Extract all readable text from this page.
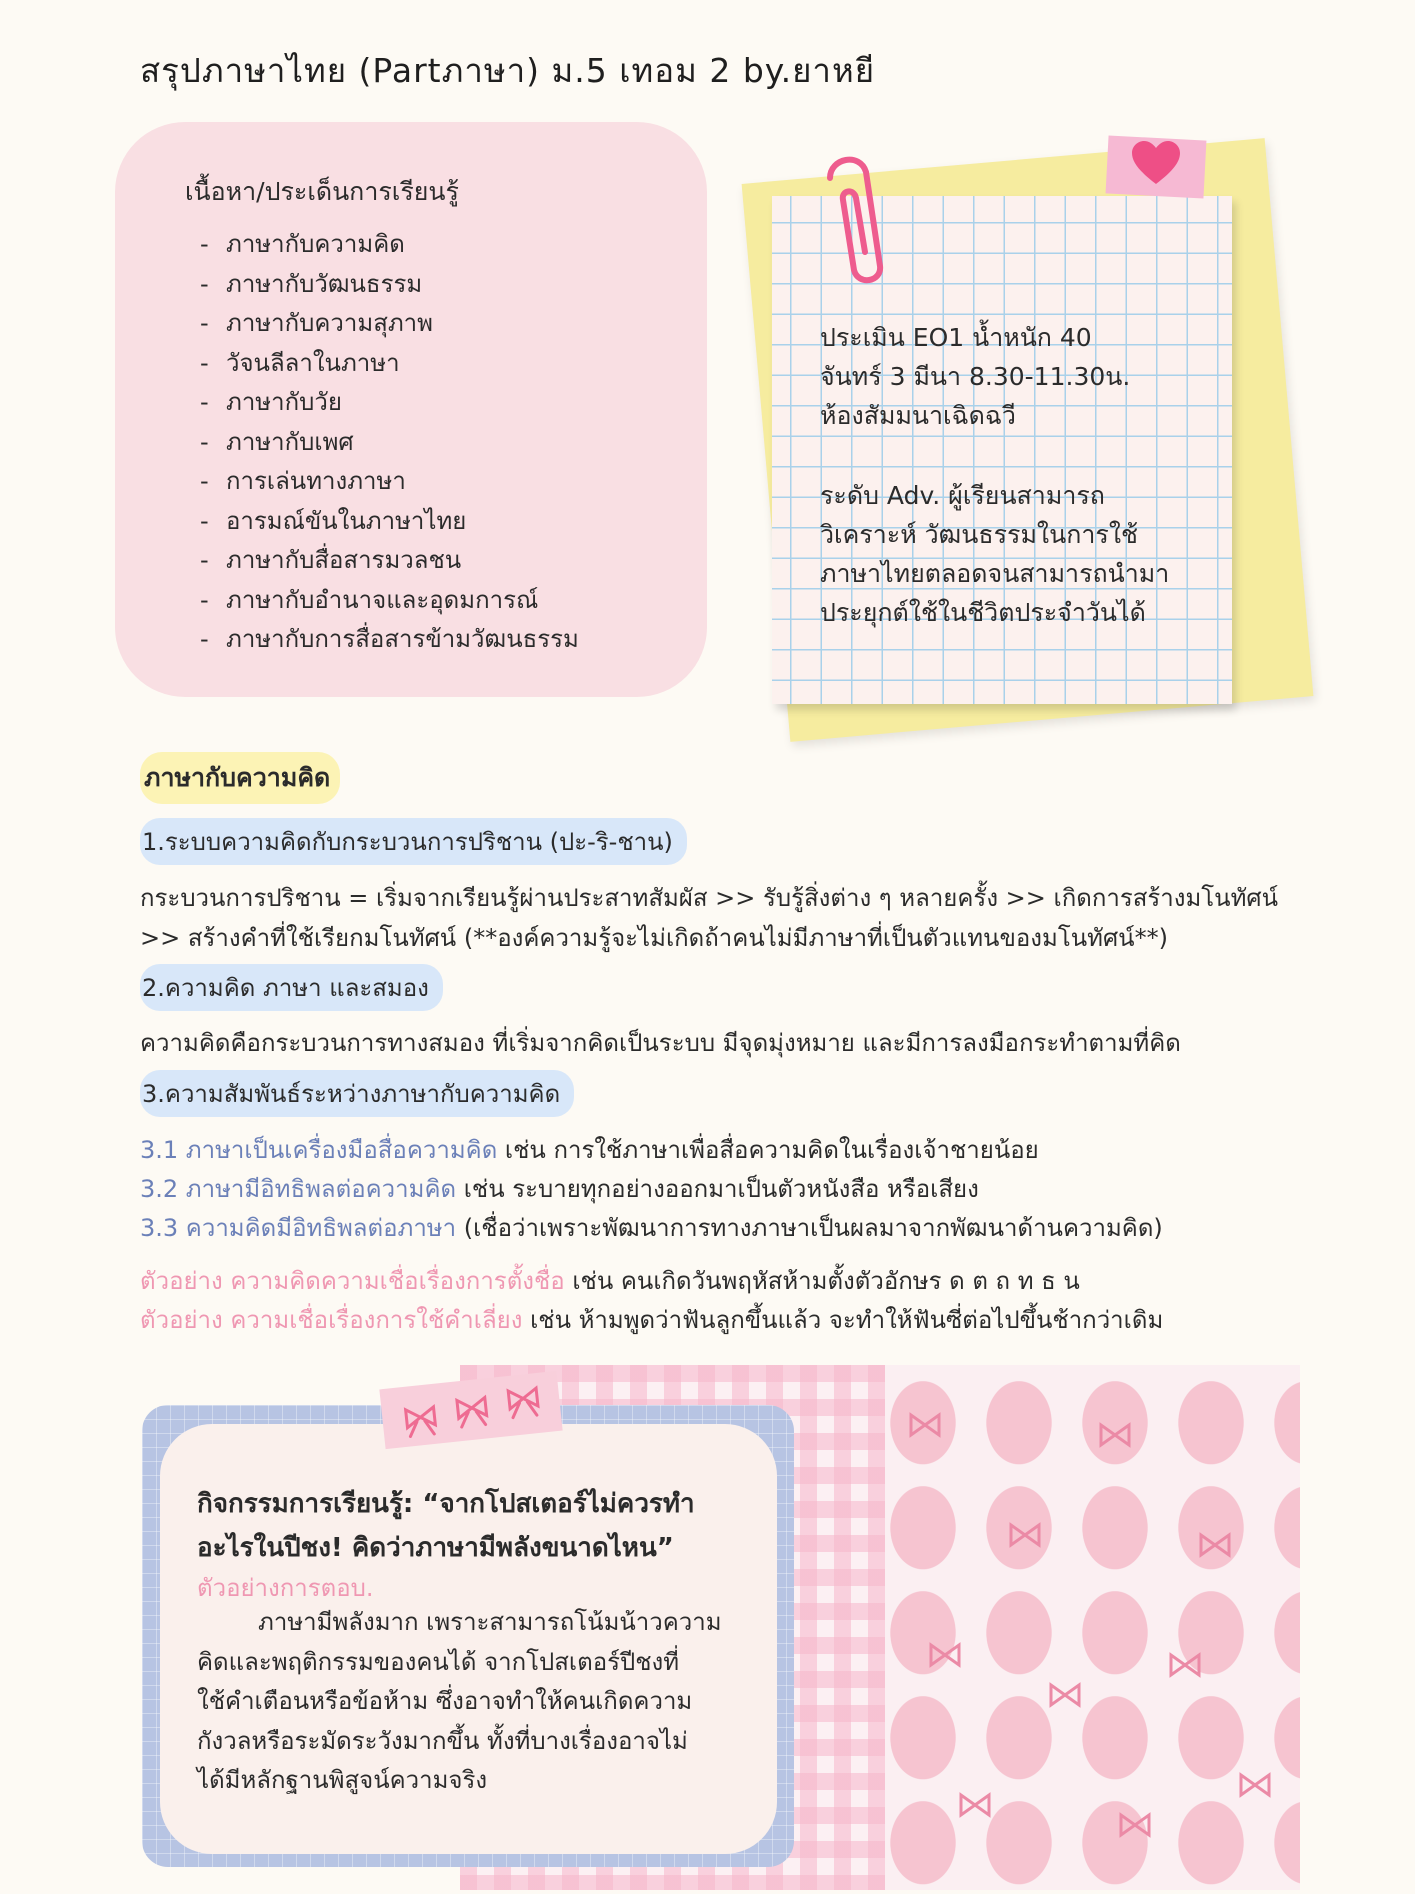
สรุปภาษาไทย (Partภาษา) ม.5 เทอม 2 by.ยาหยี
เนื้อหา/ประเด็นการเรียนรู้
- ภาษากับความคิด
- ภาษากับวัฒนธรรม
- ภาษากับความสุภาพ
- วัจนลีลาในภาษา
- ภาษากับวัย
- ภาษากับเพศ
- การเล่นทางภาษา
- อารมณ์ขันในภาษาไทย
- ภาษากับสื่อสารมวลชน
- ภาษากับอำนาจและอุดมการณ์
- ภาษากับการสื่อสารข้ามวัฒนธรรม
ประเมิน EO1 น้ำหนัก 40
จันทร์ 3 มีนา 8.30-11.30น.
ห้องสัมมนาเฉิดฉวี
ระดับ Adv. ผู้เรียนสามารถ
วิเคราะห์ วัฒนธรรมในการใช้
ภาษาไทยตลอดจนสามารถนำมา
ประยุกต์ใช้ในชีวิตประจำวันได้
ภาษากับความคิด
1.ระบบความคิดกับกระบวนการปริชาน (ปะ-ริ-ชาน)
กระบวนการปริชาน = เริ่มจากเรียนรู้ผ่านประสาทสัมผัส >> รับรู้สิ่งต่าง ๆ หลายครั้ง >> เกิดการสร้างมโนทัศน์
>> สร้างคำที่ใช้เรียกมโนทัศน์ (**องค์ความรู้จะไม่เกิดถ้าคนไม่มีภาษาที่เป็นตัวแทนของมโนทัศน์**)
2.ความคิด ภาษา และสมอง
ความคิดคือกระบวนการทางสมอง ที่เริ่มจากคิดเป็นระบบ มีจุดมุ่งหมาย และมีการลงมือกระทำตามที่คิด
3.ความสัมพันธ์ระหว่างภาษากับความคิด
3.1 ภาษาเป็นเครื่องมือสื่อความคิด เช่น การใช้ภาษาเพื่อสื่อความคิดในเรื่องเจ้าชายน้อย
3.2 ภาษามีอิทธิพลต่อความคิด เช่น ระบายทุกอย่างออกมาเป็นตัวหนังสือ หรือเสียง
3.3 ความคิดมีอิทธิพลต่อภาษา (เชื่อว่าเพราะพัฒนาการทางภาษาเป็นผลมาจากพัฒนาด้านความคิด)
ตัวอย่าง ความคิดความเชื่อเรื่องการตั้งชื่อ เช่น คนเกิดวันพฤหัสห้ามตั้งตัวอักษร ด ต ถ ท ธ น
ตัวอย่าง ความเชื่อเรื่องการใช้คำเลี่ยง เช่น ห้ามพูดว่าฟันลูกขึ้นแล้ว จะทำให้ฟันซี่ต่อไปขึ้นช้ากว่าเดิม
กิจกรรมการเรียนรู้: “จากโปสเตอร์ไม่ควรทำ
อะไรในปีชง! คิดว่าภาษามีพลังขนาดไหน”
ตัวอย่างการตอบ.
ภาษามีพลังมาก เพราะสามารถโน้มน้าวความ
คิดและพฤติกรรมของคนได้ จากโปสเตอร์ปีชงที่
ใช้คำเตือนหรือข้อห้าม ซึ่งอาจทำให้คนเกิดความ
กังวลหรือระมัดระวังมากขึ้น ทั้งที่บางเรื่องอาจไม่
ได้มีหลักฐานพิสูจน์ความจริง
